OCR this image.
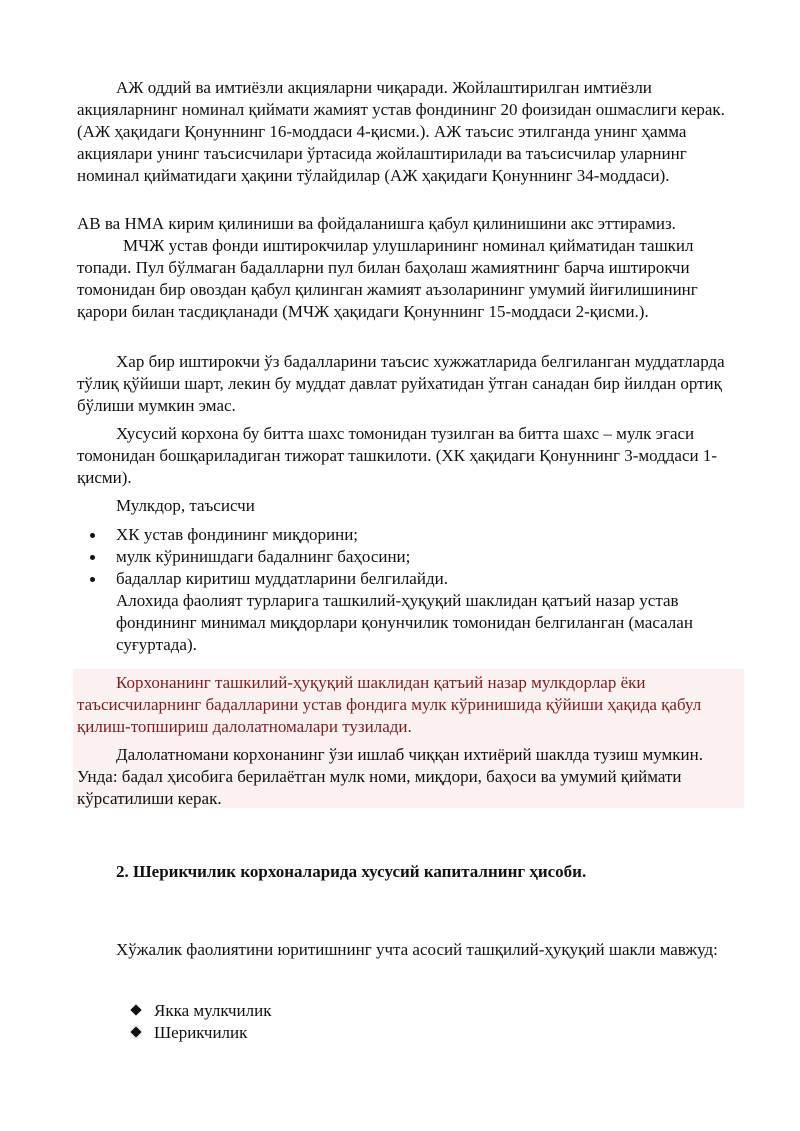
АЖ оддий ва имтиёзли акцияларни чиқаради. Жойлаштирилган имтиёзли акцияларнинг номинал қиймати жамият устав фондининг 20 фоизидан ошмаслиги керак. (АЖ ҳақидаги Қонуннинг 16-моддаси 4-қисми.). АЖ таъсис этилганда унинг ҳамма акциялари унинг таъсисчилари ўртасида жойлаштирилади ва таъсисчилар уларнинг номинал қийматидаги ҳақини тўлайдилар (АЖ ҳақидаги Қонуннинг 34-моддаси).

АВ ва НМА кирим қилиниши ва фойдаланишга қабул қилинишини акс эттирамиз.

МЧЖ устав фонди иштирокчилар улушларининг номинал қийматидан ташкил топади. Пул бўлмаган бадалларни пул билан баҳолаш жамиятнинг барча иштирокчи томонидан бир овоздан қабул қилинган жамият аъзоларининг умумий йиғилишининг қарори билан тасдиқланади (МЧЖ ҳақидаги Қонуннинг 15-моддаси 2-қисми.).

Хар бир иштирокчи ўз бадалларини таъсис хужжатларида белгиланган муддатларда тўлиқ қўйиши шарт, лекин бу муддат давлат руйхатидан ўтган санадан бир йилдан ортиқ бўлиши мумкин эмас.

Хусусий корхона бу битта шахс томонидан тузилган ва битта шахс – мулк эгаси томонидан бошқариладиган тижорат ташкилоти. (ХК ҳақидаги Қонуннинг 3-моддаси 1-қисми).

Мулкдор, таъсисчи

ХК устав фондининг миқдорини;
мулк кўринишдаги бадалнинг баҳосини;
бадаллар киритиш муддатларини белгилайди.

Алохида фаолият турларига ташкилий-ҳуқуқий шаклидан қатъий назар устав фондининг минимал миқдорлари қонунчилик томонидан белгиланган (масалан суғуртада).

Корхонанинг ташкилий-ҳуқуқий шаклидан қатъий назар мулкдорлар ёки таъсисчиларнинг бадалларини устав фондига мулк кўринишида қўйиши ҳақида қабул қилиш-топшириш далолатномалари тузилади.

Далолатномани корхонанинг ўзи ишлаб чиққан ихтиёрий шаклда тузиш мумкин. Унда: бадал ҳисобига берилаётган мулк номи, миқдори, баҳоси ва умумий қиймати кўрсатилиши керак.

2. Шерикчилик корхоналарида хусусий капиталнинг ҳисоби.

Хўжалик фаолиятини юритишнинг учта асосий ташқилий-ҳуқуқий шакли мавжуд:

Якка мулкчилик
Шерикчилик
